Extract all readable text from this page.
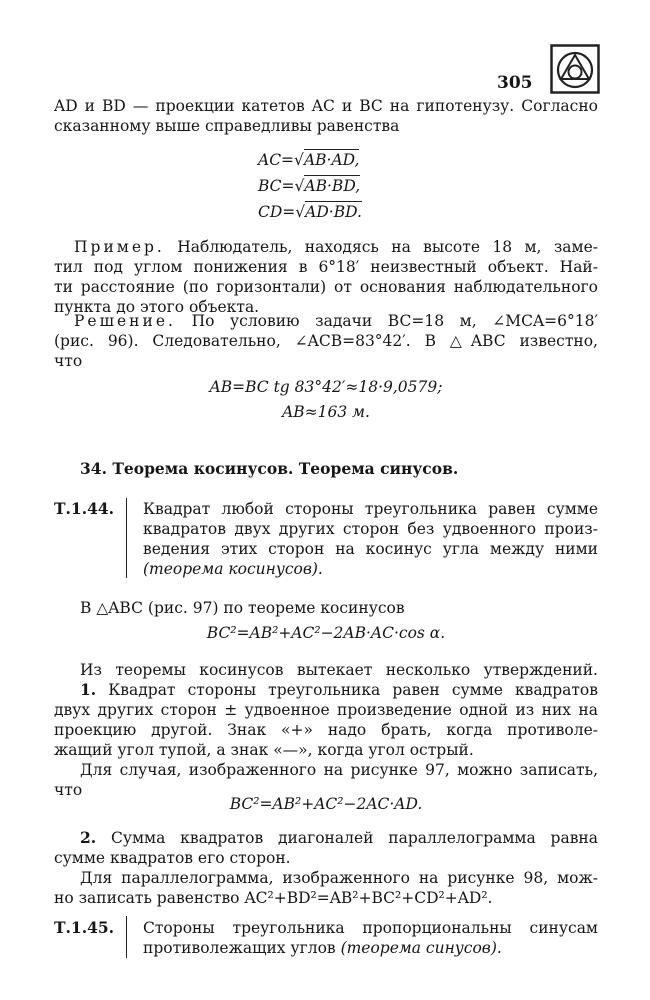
305
AD и BD — проекции катетов AC и BC на гипотенузу. Согласно
сказанному выше справедливы равенства
AC=√AB·AD,
BC=√AB·BD,
CD=√AD·BD.
Пример. Наблюдатель, находясь на высоте 18 м, заме-
тил под углом понижения в 6°18′ неизвестный объект. Най-
ти расстояние (по горизонтали) от основания наблюдательного
пункта до этого объекта.
Решение. По условию задачи BC=18 м, ∠MCA=6°18′
(рис. 96). Следовательно, ∠ACB=83°42′. В △ABC известно,
что
AB=BC tg 83°42′≈18·9,0579;
AB≈163 м.
34. Теорема косинусов. Теорема синусов.
Т.1.44. Квадрат любой стороны треугольника равен сумме
квадратов двух других сторон без удвоенного произ-
ведения этих сторон на косинус угла между ними
(теорема косинусов).
В △ABC (рис. 97) по теореме косинусов
BC²=AB²+AC²−2AB·AC·cos α.
Из теоремы косинусов вытекает несколько утверждений.
1. Квадрат стороны треугольника равен сумме квадратов
двух других сторон ± удвоенное произведение одной из них на
проекцию другой. Знак «+» надо брать, когда противоле-
жащий угол тупой, а знак «—», когда угол острый.
Для случая, изображенного на рисунке 97, можно записать,
что
BC²=AB²+AC²−2AC·AD.
2. Сумма квадратов диагоналей параллелограмма равна
сумме квадратов его сторон.
Для параллелограмма, изображенного на рисунке 98, мож-
но записать равенство AC²+BD²=AB²+BC²+CD²+AD².
Т.1.45. Стороны треугольника пропорциональны синусам
противолежащих углов (теорема синусов).
